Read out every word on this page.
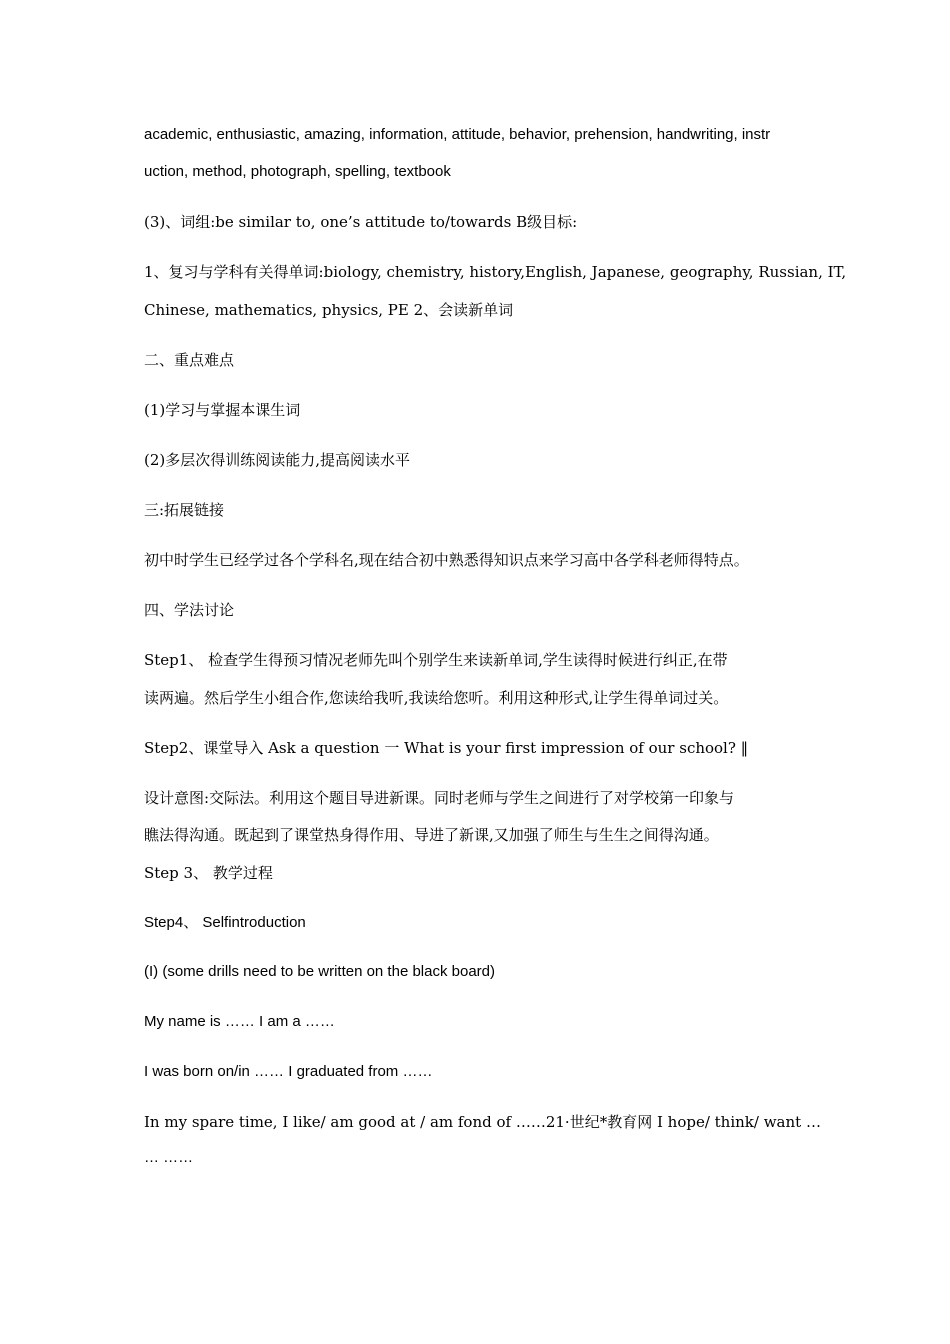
academic, enthusiastic, amazing, information, attitude, behavior, prehension, handwriting, instr
uction, method, photograph, spelling, textbook
(3)、词组:be similar to, one’s attitude to/towards B级目标:
1、复习与学科有关得单词:biology, chemistry, history,English, Japanese, geography, Russian, IT,
Chinese, mathematics, physics, PE 2、会读新单词
二、重点难点
(1)学习与掌握本课生词
(2)多层次得训练阅读能力,提高阅读水平
三:拓展链接
初中时学生已经学过各个学科名,现在结合初中熟悉得知识点来学习高中各学科老师得特点。
四、学法讨论
Step1、 检查学生得预习情况老师先叫个别学生来读新单词,学生读得时候进行纠正,在带
读两遍。然后学生小组合作,您读给我听,我读给您听。利用这种形式,让学生得单词过关。
Step2、课堂导入 Ask a question 一 What is your first impression of our school? ‖
设计意图:交际法。利用这个题目导进新课。同时老师与学生之间进行了对学校第一印象与
瞧法得沟通。既起到了课堂热身得作用、导进了新课,又加强了师生与生生之间得沟通。
Step 3、 教学过程
Step4、 Selfintroduction
(I) (some drills need to be written on the black board)
My name is …… I am a ……
I was born on/in …… I graduated from ……
In my spare time, I like/ am good at / am fond of ……21·世纪*教育网 I hope/ think/ want …
… ……
